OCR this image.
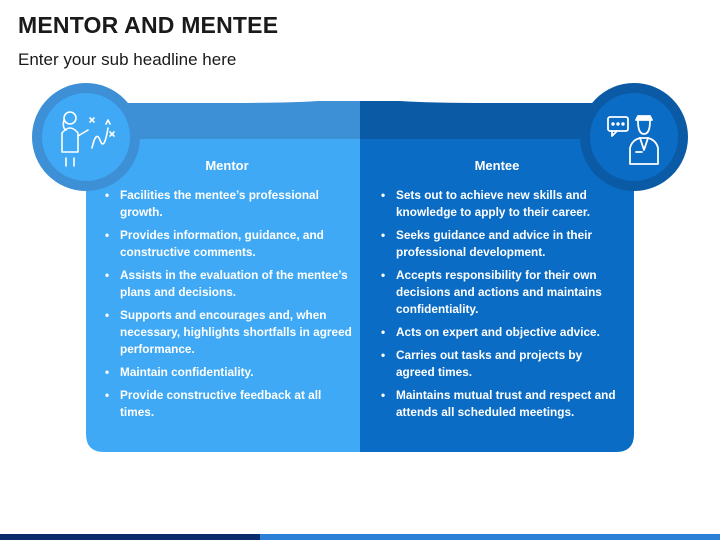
MENTOR AND MENTEE
Enter your sub headline here
Mentor
• Facilities the mentee’s professional growth.
• Provides information, guidance, and constructive comments.
• Assists in the evaluation of the mentee’s plans and decisions.
• Supports and encourages and, when necessary, highlights shortfalls in agreed performance.
• Maintain confidentiality.
• Provide constructive feedback at all times.
Mentee
• Sets out to achieve new skills and knowledge to apply to their career.
• Seeks guidance and advice in their professional development.
• Accepts responsibility for their own decisions and actions and maintains confidentiality.
• Acts on expert and objective advice.
• Carries out tasks and projects by agreed times.
• Maintains mutual trust and respect and attends all scheduled meetings.
